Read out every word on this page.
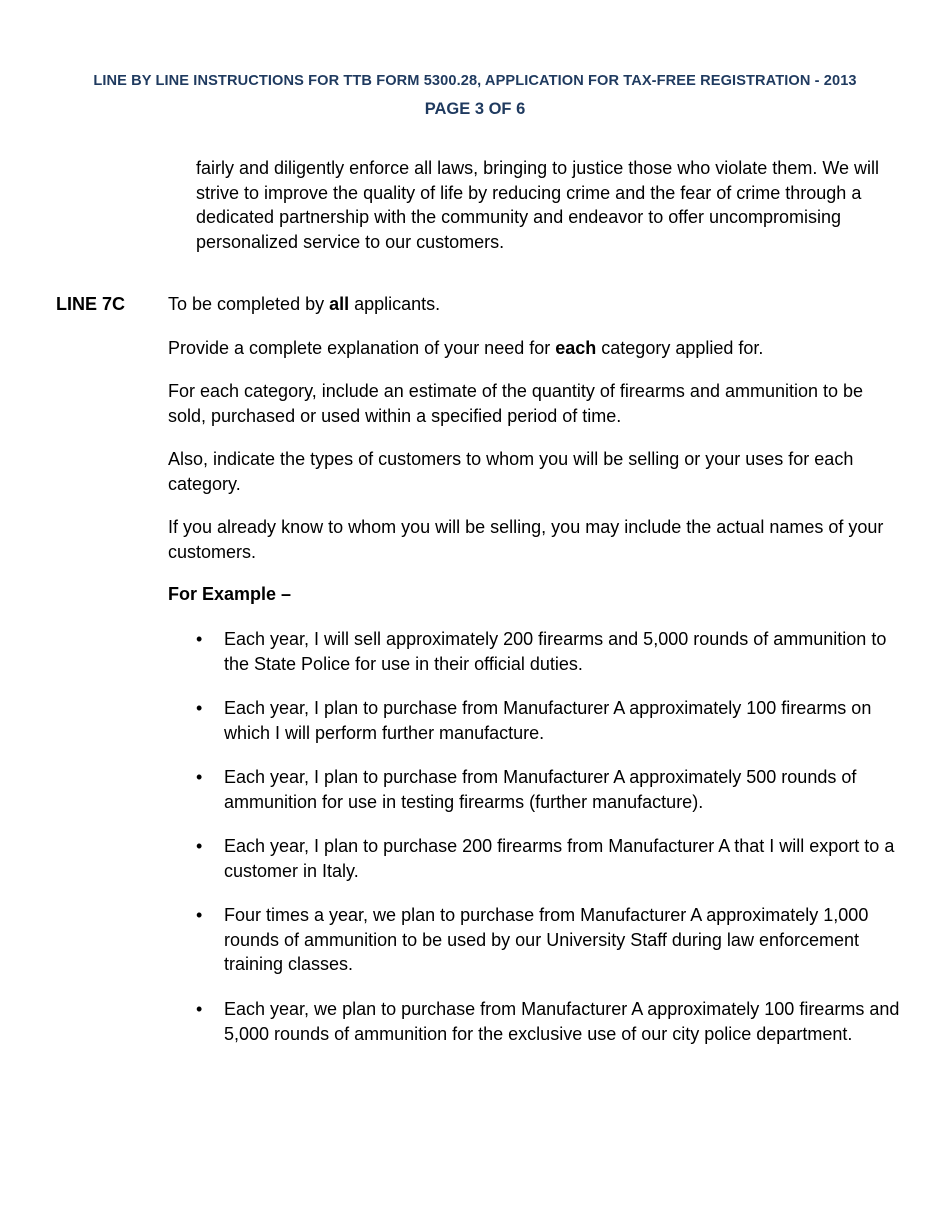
LINE BY LINE INSTRUCTIONS FOR TTB FORM 5300.28, APPLICATION FOR TAX-FREE REGISTRATION - 2013
PAGE 3 OF 6

fairly and diligently enforce all laws, bringing to justice those who violate them. We will strive to improve the quality of life by reducing crime and the fear of crime through a dedicated partnership with the community and endeavor to offer uncompromising personalized service to our customers.

LINE 7C To be completed by all applicants.

Provide a complete explanation of your need for each category applied for.

For each category, include an estimate of the quantity of firearms and ammunition to be sold, purchased or used within a specified period of time.

Also, indicate the types of customers to whom you will be selling or your uses for each category.

If you already know to whom you will be selling, you may include the actual names of your customers.

For Example –

• Each year, I will sell approximately 200 firearms and 5,000 rounds of ammunition to the State Police for use in their official duties.

• Each year, I plan to purchase from Manufacturer A approximately 100 firearms on which I will perform further manufacture.

• Each year, I plan to purchase from Manufacturer A approximately 500 rounds of ammunition for use in testing firearms (further manufacture).

• Each year, I plan to purchase 200 firearms from Manufacturer A that I will export to a customer in Italy.

• Four times a year, we plan to purchase from Manufacturer A approximately 1,000 rounds of ammunition to be used by our University Staff during law enforcement training classes.

• Each year, we plan to purchase from Manufacturer A approximately 100 firearms and 5,000 rounds of ammunition for the exclusive use of our city police department.
